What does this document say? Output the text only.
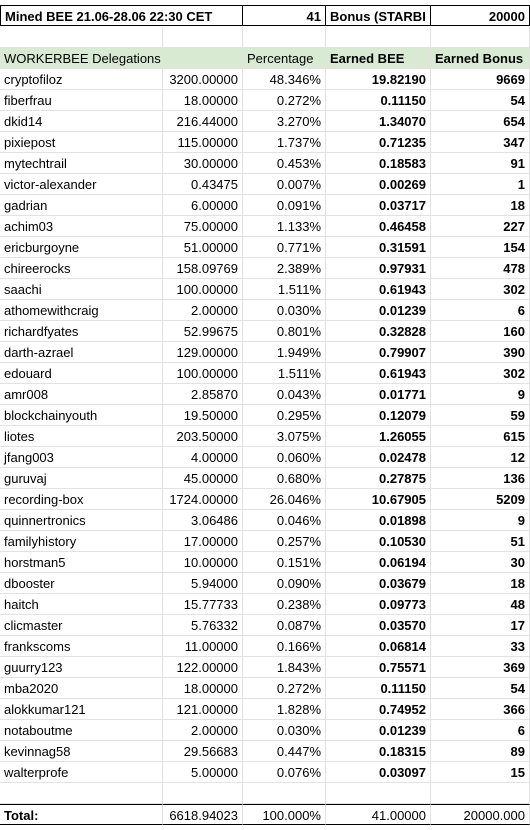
Mined BEE 21.06-28.06 22:30 CET	41 Bonus (STARBI	20000
WORKERBEE Delegations	Percentage	Earned BEE	Earned Bonus
cryptofiloz	3200.00000	48.346%	19.82190	9669
fiberfrau	18.00000	0.272%	0.11150	54
dkid14	216.44000	3.270%	1.34070	654
pixiepost	115.00000	1.737%	0.71235	347
mytechtrail	30.00000	0.453%	0.18583	91
victor-alexander	0.43475	0.007%	0.00269	1
gadrian	6.00000	0.091%	0.03717	18
achim03	75.00000	1.133%	0.46458	227
ericburgoyne	51.00000	0.771%	0.31591	154
chireerocks	158.09769	2.389%	0.97931	478
saachi	100.00000	1.511%	0.61943	302
athomewithcraig	2.00000	0.030%	0.01239	6
richardfyates	52.99675	0.801%	0.32828	160
darth-azrael	129.00000	1.949%	0.79907	390
edouard	100.00000	1.511%	0.61943	302
amr008	2.85870	0.043%	0.01771	9
blockchainyouth	19.50000	0.295%	0.12079	59
liotes	203.50000	3.075%	1.26055	615
jfang003	4.00000	0.060%	0.02478	12
guruvaj	45.00000	0.680%	0.27875	136
recording-box	1724.00000	26.046%	10.67905	5209
quinnertronics	3.06486	0.046%	0.01898	9
familyhistory	17.00000	0.257%	0.10530	51
horstman5	10.00000	0.151%	0.06194	30
dbooster	5.94000	0.090%	0.03679	18
haitch	15.77733	0.238%	0.09773	48
clicmaster	5.76332	0.087%	0.03570	17
frankscoms	11.00000	0.166%	0.06814	33
guurry123	122.00000	1.843%	0.75571	369
mba2020	18.00000	0.272%	0.11150	54
alokkumar121	121.00000	1.828%	0.74952	366
notaboutme	2.00000	0.030%	0.01239	6
kevinnag58	29.56683	0.447%	0.18315	89
walterprofe	5.00000	0.076%	0.03097	15
Total:	6618.94023	100.000%	41.00000	20000.000
